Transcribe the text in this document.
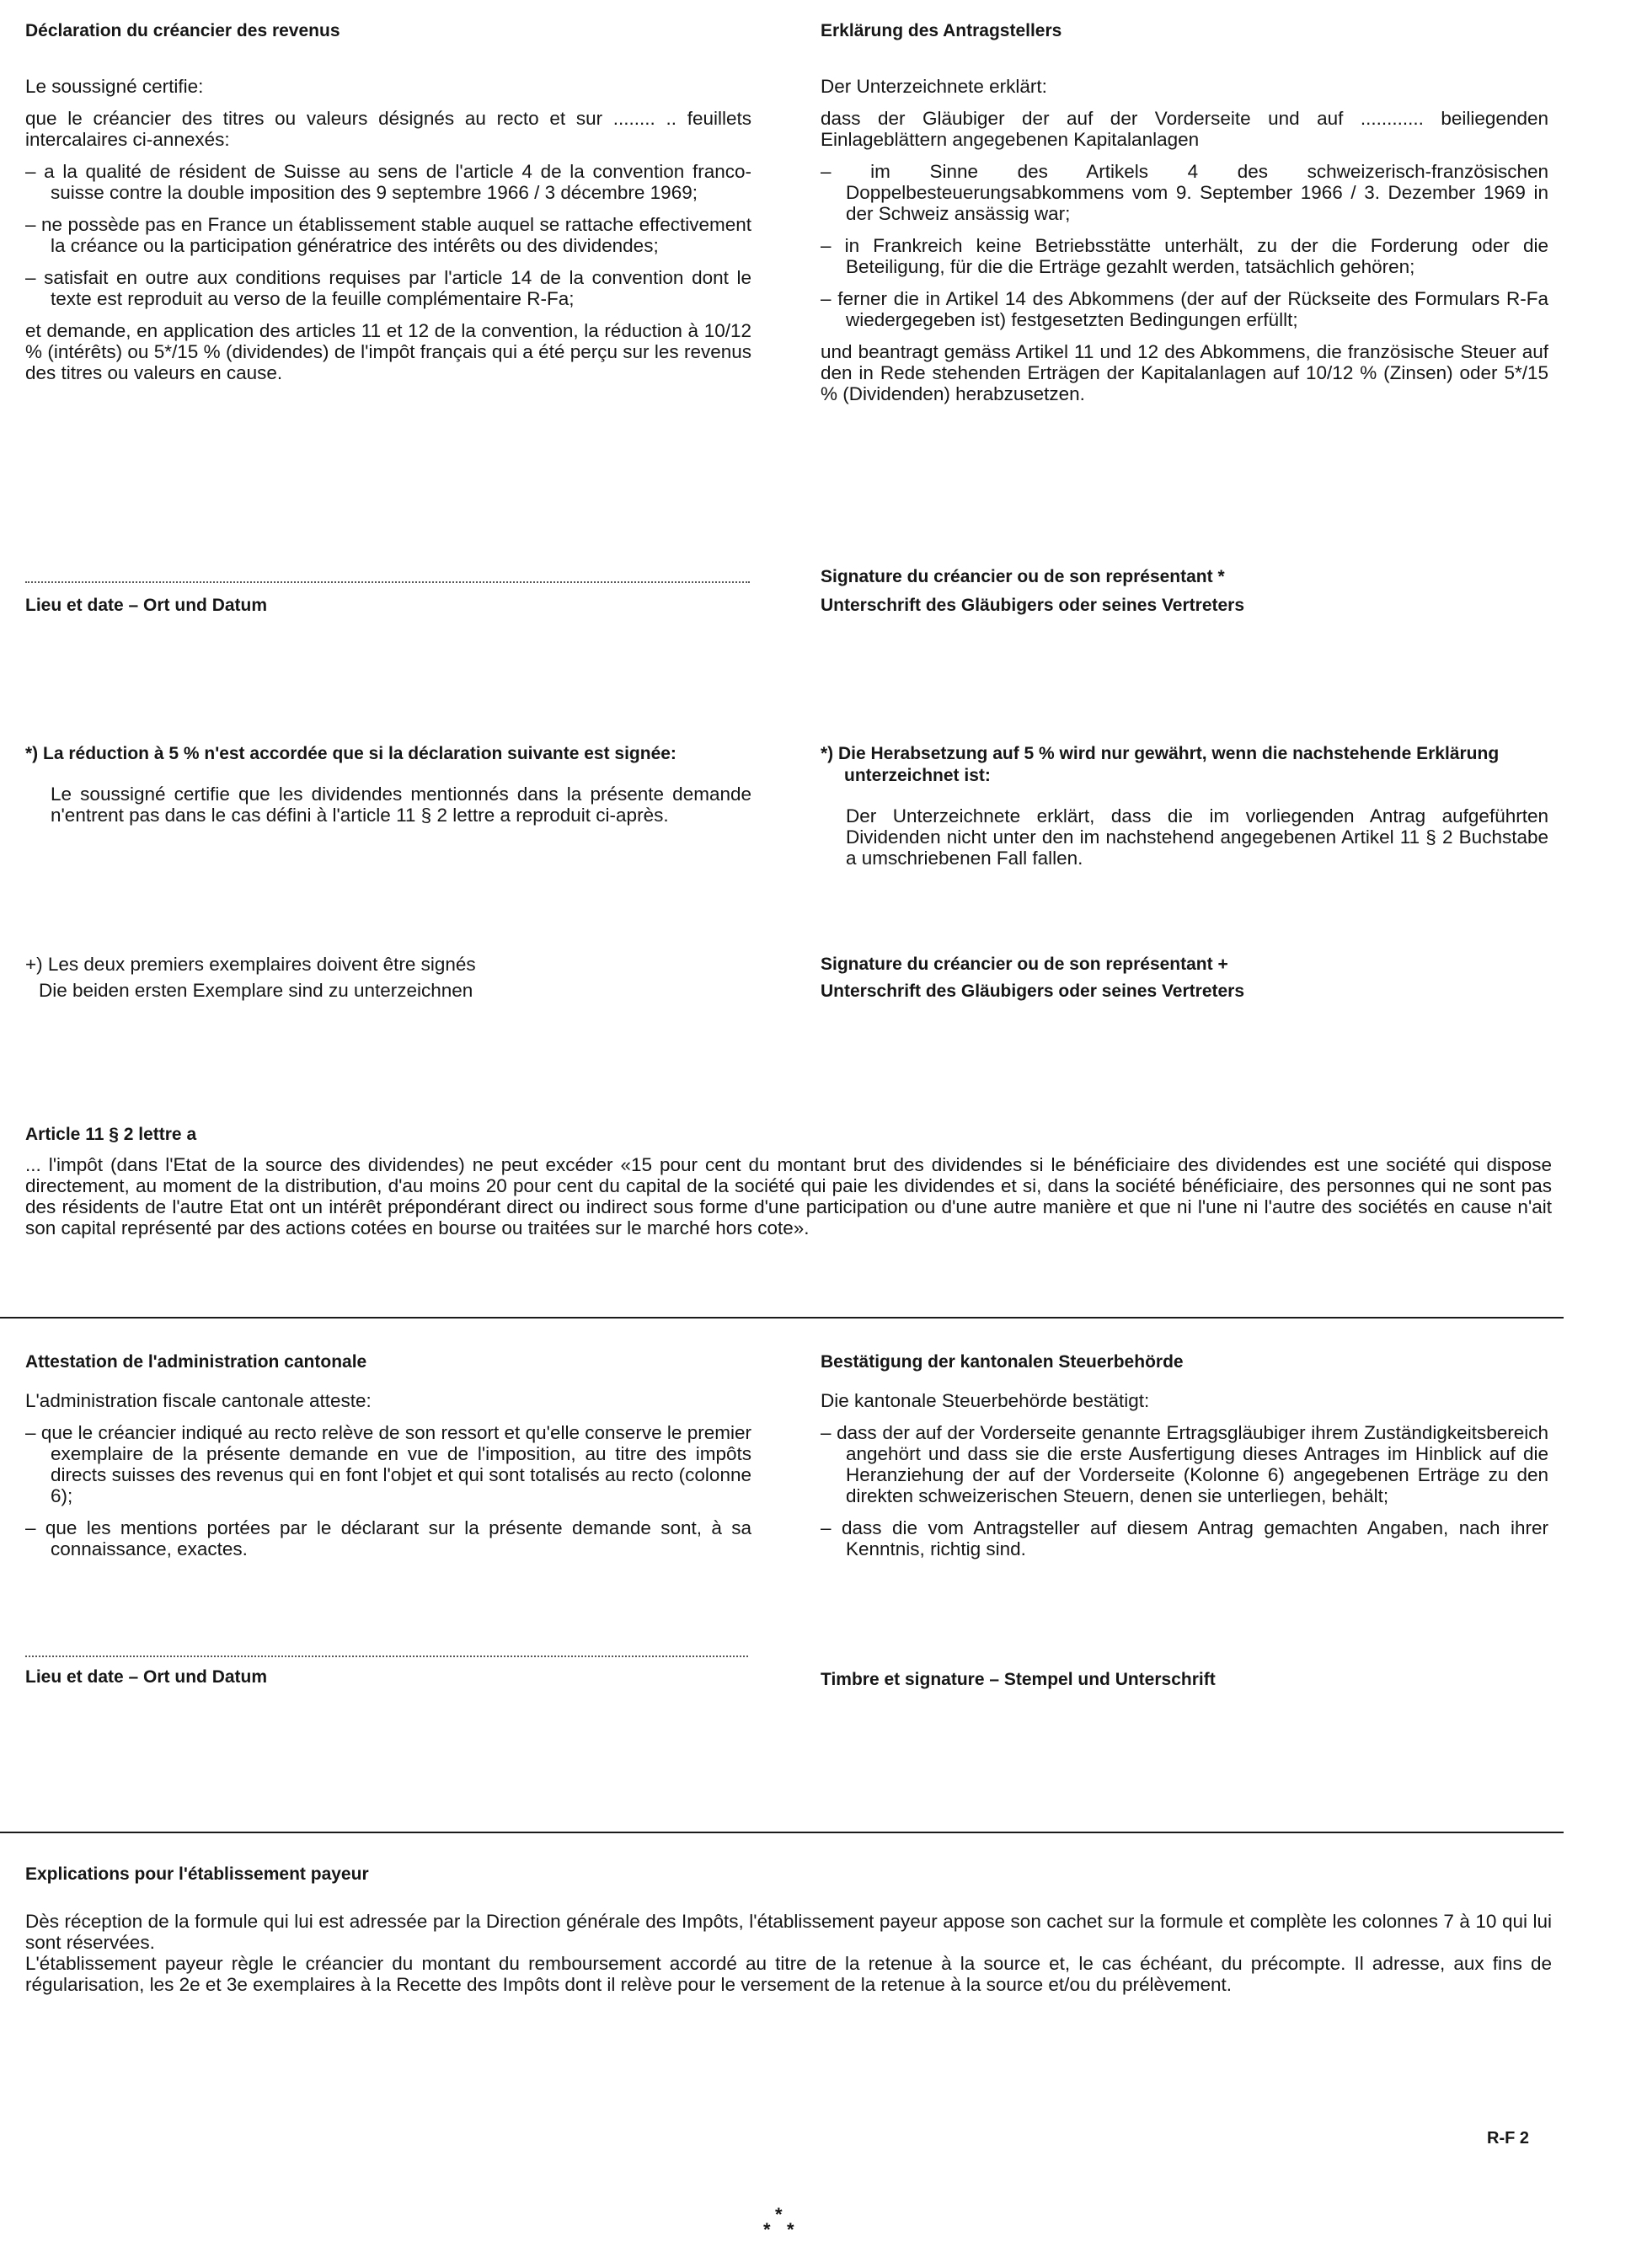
Déclaration du créancier des revenus
Le soussigné certifie:
que le créancier des titres ou valeurs désignés au recto et sur ........ .. feuillets intercalaires ci-annexés:
– a la qualité de résident de Suisse au sens de l'article 4 de la convention franco-suisse contre la double imposition des 9 septembre 1966 / 3 décembre 1969;
– ne possède pas en France un établissement stable auquel se rattache effectivement la créance ou la participation génératrice des intérêts ou des dividendes;
– satisfait en outre aux conditions requises par l'article 14 de la convention dont le texte est reproduit au verso de la feuille complémentaire R-Fa;
et demande, en application des articles 11 et 12 de la convention, la réduction à 10/12 % (intérêts) ou 5*/15 % (dividendes) de l'impôt français qui a été perçu sur les revenus des titres ou valeurs en cause.
Lieu et date – Ort und Datum
Erklärung des Antragstellers
Der Unterzeichnete erklärt:
dass der Gläubiger der auf der Vorderseite und auf ............ beiliegenden Einlageblättern angegebenen Kapitalanlagen
– im Sinne des Artikels 4 des schweizerisch-französischen Doppelbesteuerungsabkommens vom 9. September 1966 / 3. Dezember 1969 in der Schweiz ansässig war;
– in Frankreich keine Betriebsstätte unterhält, zu der die Forderung oder die Beteiligung, für die die Erträge gezahlt werden, tatsächlich gehören;
– ferner die in Artikel 14 des Abkommens (der auf der Rückseite des Formulars R-Fa wiedergegeben ist) festgesetzten Bedingungen erfüllt;
und beantragt gemäss Artikel 11 und 12 des Abkommens, die französische Steuer auf den in Rede stehenden Erträgen der Kapitalanlagen auf 10/12 % (Zinsen) oder 5*/15 % (Dividenden) herabzusetzen.
Signature du créancier ou de son représentant *
Unterschrift des Gläubigers oder seines Vertreters
*) La réduction à 5 % n'est accordée que si la déclaration suivante est signée:
Le soussigné certifie que les dividendes mentionnés dans la présente demande n'entrent pas dans le cas défini à l'article 11 § 2 lettre a reproduit ci-après.
*) Die Herabsetzung auf 5 % wird nur gewährt, wenn die nachstehende Erklärung unterzeichnet ist:
Der Unterzeichnete erklärt, dass die im vorliegenden Antrag aufgeführten Dividenden nicht unter den im nachstehend angegebenen Artikel 11 § 2 Buchstabe a umschriebenen Fall fallen.
+) Les deux premiers exemplaires doivent être signés
Die beiden ersten Exemplare sind zu unterzeichnen
Signature du créancier ou de son représentant +
Unterschrift des Gläubigers oder seines Vertreters
Article 11 § 2 lettre a
... l'impôt (dans l'Etat de la source des dividendes) ne peut excéder «15 pour cent du montant brut des dividendes si le bénéficiaire des dividendes est une société qui dispose directement, au moment de la distribution, d'au moins 20 pour cent du capital de la société qui paie les dividendes et si, dans la société bénéficiaire, des personnes qui ne sont pas des résidents de l'autre Etat ont un intérêt prépondérant direct ou indirect sous forme d'une participation ou d'une autre manière et que ni l'une ni l'autre des sociétés en cause n'ait son capital représenté par des actions cotées en bourse ou traitées sur le marché hors cote».
Attestation de l'administration cantonale
L'administration fiscale cantonale atteste:
– que le créancier indiqué au recto relève de son ressort et qu'elle conserve le premier exemplaire de la présente demande en vue de l'imposition, au titre des impôts directs suisses des revenus qui en font l'objet et qui sont totalisés au recto (colonne 6);
– que les mentions portées par le déclarant sur la présente demande sont, à sa connaissance, exactes.
Lieu et date – Ort und Datum
Bestätigung der kantonalen Steuerbehörde
Die kantonale Steuerbehörde bestätigt:
– dass der auf der Vorderseite genannte Ertragsgläubiger ihrem Zuständigkeitsbereich angehört und dass sie die erste Ausfertigung dieses Antrages im Hinblick auf die Heranziehung der auf der Vorderseite (Kolonne 6) angegebenen Erträge zu den direkten schweizerischen Steuern, denen sie unterliegen, behält;
– dass die vom Antragsteller auf diesem Antrag gemachten Angaben, nach ihrer Kenntnis, richtig sind.
Timbre et signature – Stempel und Unterschrift
Explications pour l'établissement payeur
Dès réception de la formule qui lui est adressée par la Direction générale des Impôts, l'établissement payeur appose son cachet sur la formule et complète les colonnes 7 à 10 qui lui sont réservées.
L'établissement payeur règle le créancier du montant du remboursement accordé au titre de la retenue à la source et, le cas échéant, du précompte. Il adresse, aux fins de régularisation, les 2e et 3e exemplaires à la Recette des Impôts dont il relève pour le versement de la retenue à la source et/ou du prélèvement.
R-F 2
*
* *
